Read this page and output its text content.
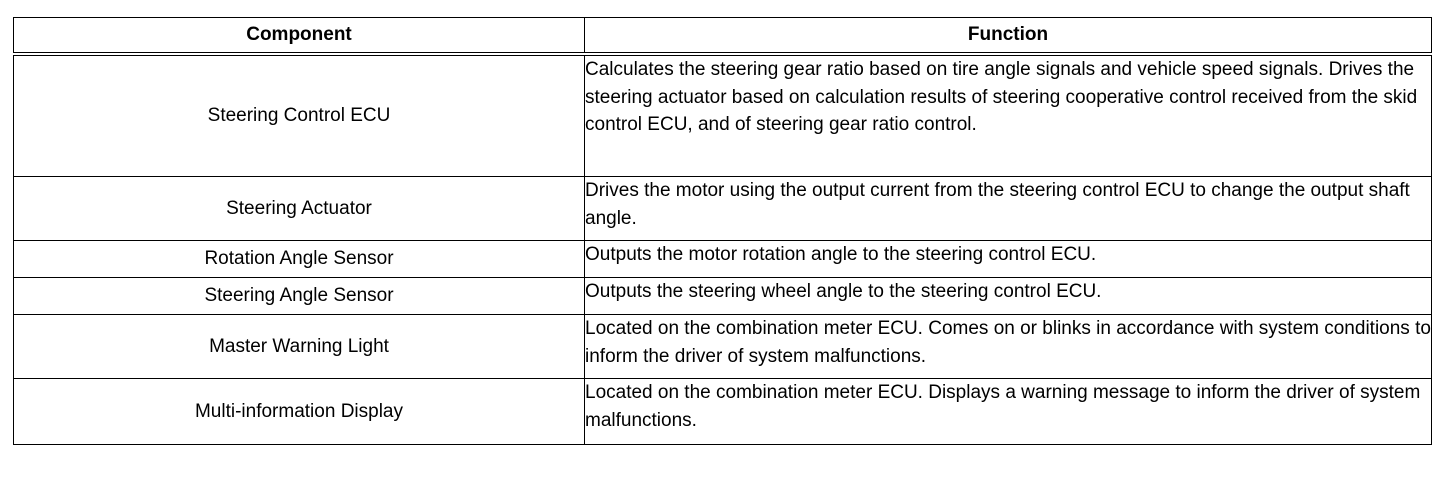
Component	Function
Steering Control ECU	Calculates the steering gear ratio based on tire angle signals and vehicle speed signals. Drives the steering actuator based on calculation results of steering cooperative control received from the skid control ECU, and of steering gear ratio control.
Steering Actuator	Drives the motor using the output current from the steering control ECU to change the output shaft angle.
Rotation Angle Sensor	Outputs the motor rotation angle to the steering control ECU.
Steering Angle Sensor	Outputs the steering wheel angle to the steering control ECU.
Master Warning Light	Located on the combination meter ECU. Comes on or blinks in accordance with system conditions to inform the driver of system malfunctions.
Multi-information Display	Located on the combination meter ECU. Displays a warning message to inform the driver of system malfunctions.
